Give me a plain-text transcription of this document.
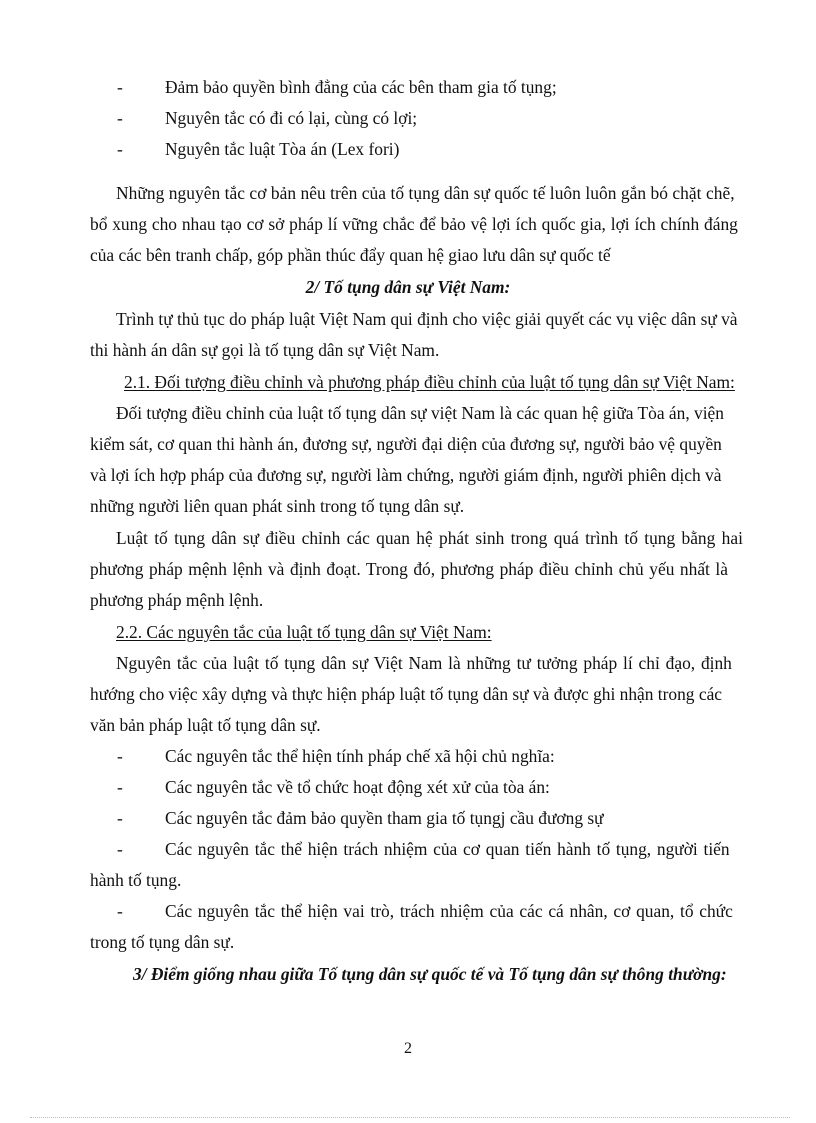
- Đảm bảo quyền bình đẳng của các bên tham gia tố tụng;
- Nguyên tắc có đi có lại, cùng có lợi;
- Nguyên tắc luật Tòa án (Lex fori)
Những nguyên tắc cơ bản nêu trên của tố tụng dân sự quốc tế luôn luôn gắn bó chặt chẽ,
bổ xung cho nhau tạo cơ sở pháp lí vững chắc để bảo vệ lợi ích quốc gia, lợi ích chính đáng
của các bên tranh chấp, góp phần thúc đẩy quan hệ giao lưu dân sự quốc tế
2/ Tố tụng dân sự Việt Nam:
Trình tự thủ tục do pháp luật Việt Nam qui định cho việc giải quyết các vụ việc dân sự và
thi hành án dân sự gọi là tố tụng dân sự Việt Nam.
2.1. Đối tượng điều chỉnh và phương pháp điều chỉnh của luật tố tụng dân sự Việt Nam:
Đối tượng điều chỉnh của luật tố tụng dân sự việt Nam là các quan hệ giữa Tòa án, viện
kiểm sát, cơ quan thi hành án, đương sự, người đại diện của đương sự, người bảo vệ quyền
và lợi ích hợp pháp của đương sự, người làm chứng, người giám định, người phiên dịch và
những người liên quan phát sinh trong tố tụng dân sự.
Luật tố tụng dân sự điều chỉnh các quan hệ phát sinh trong quá trình tố tụng bằng hai
phương pháp mệnh lệnh và định đoạt. Trong đó, phương pháp điều chỉnh chủ yếu nhất là
phương pháp mệnh lệnh.
2.2. Các nguyên tắc của luật tố tụng dân sự Việt Nam:
Nguyên tắc của luật tố tụng dân sự Việt Nam là những tư tưởng pháp lí chỉ đạo, định
hướng cho việc xây dựng và thực hiện pháp luật tố tụng dân sự và được ghi nhận trong các
văn bản pháp luật tố tụng dân sự.
- Các nguyên tắc thể hiện tính pháp chế xã hội chủ nghĩa:
- Các nguyên tắc về tổ chức hoạt động xét xử của tòa án:
- Các nguyên tắc đảm bảo quyền tham gia tố tụngj cầu đương sự
- Các nguyên tắc thể hiện trách nhiệm của cơ quan tiến hành tố tụng, người tiến
hành tố tụng.
- Các nguyên tắc thể hiện vai trò, trách nhiệm của các cá nhân, cơ quan, tổ chức
trong tố tụng dân sự.
3/ Điểm giống nhau giữa Tố tụng dân sự quốc tế và Tố tụng dân sự thông thường:
2
